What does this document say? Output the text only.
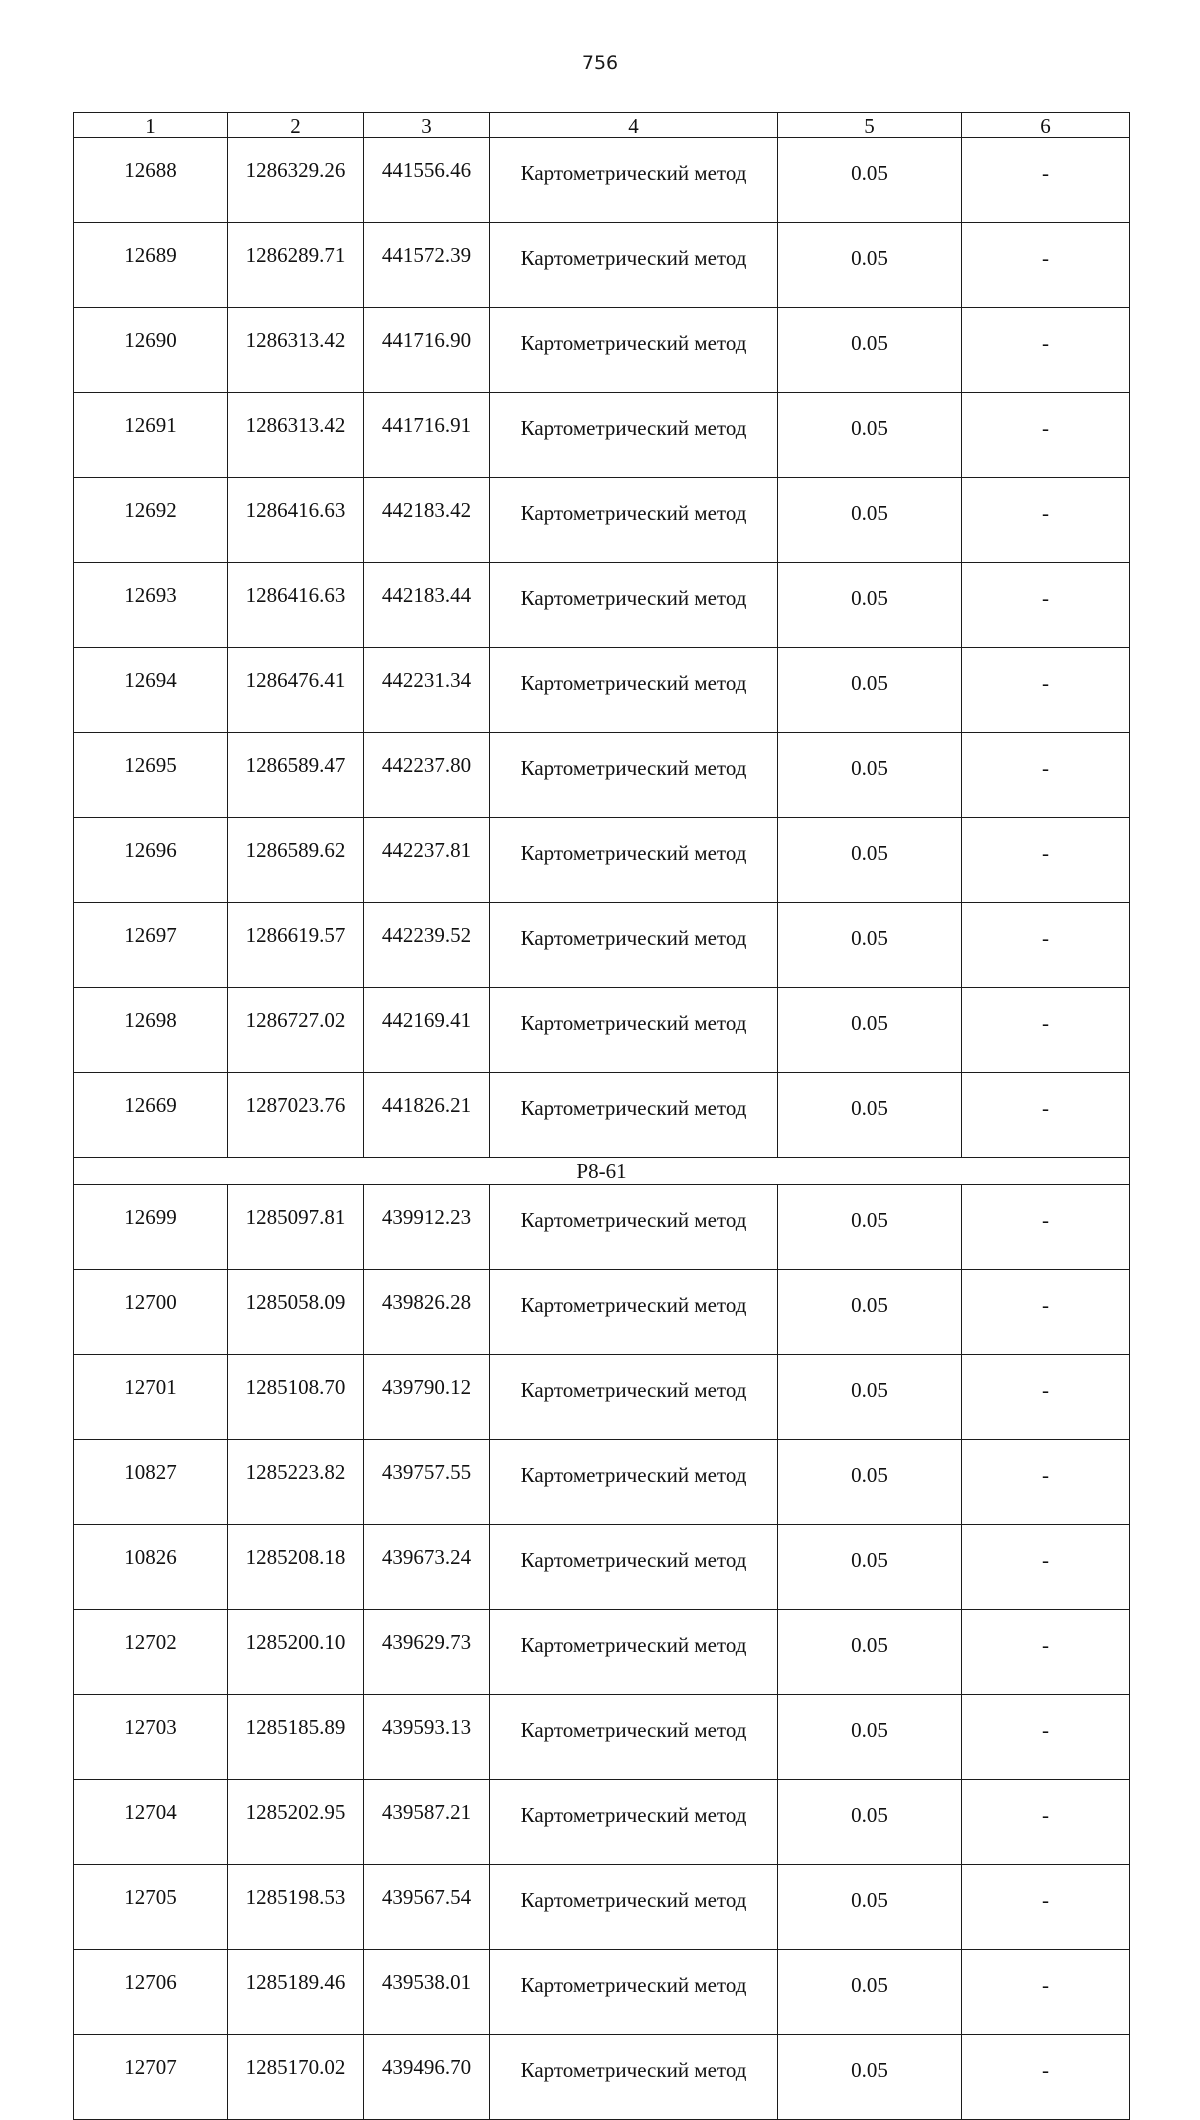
756
1	2	3	4	5	6
12688	1286329.26	441556.46	Картометрический метод	0.05	-
12689	1286289.71	441572.39	Картометрический метод	0.05	-
12690	1286313.42	441716.90	Картометрический метод	0.05	-
12691	1286313.42	441716.91	Картометрический метод	0.05	-
12692	1286416.63	442183.42	Картометрический метод	0.05	-
12693	1286416.63	442183.44	Картометрический метод	0.05	-
12694	1286476.41	442231.34	Картометрический метод	0.05	-
12695	1286589.47	442237.80	Картометрический метод	0.05	-
12696	1286589.62	442237.81	Картометрический метод	0.05	-
12697	1286619.57	442239.52	Картометрический метод	0.05	-
12698	1286727.02	442169.41	Картометрический метод	0.05	-
12669	1287023.76	441826.21	Картометрический метод	0.05	-
Р8-61					
12699	1285097.81	439912.23	Картометрический метод	0.05	-
12700	1285058.09	439826.28	Картометрический метод	0.05	-
12701	1285108.70	439790.12	Картометрический метод	0.05	-
10827	1285223.82	439757.55	Картометрический метод	0.05	-
10826	1285208.18	439673.24	Картометрический метод	0.05	-
12702	1285200.10	439629.73	Картометрический метод	0.05	-
12703	1285185.89	439593.13	Картометрический метод	0.05	-
12704	1285202.95	439587.21	Картометрический метод	0.05	-
12705	1285198.53	439567.54	Картометрический метод	0.05	-
12706	1285189.46	439538.01	Картометрический метод	0.05	-
12707	1285170.02	439496.70	Картометрический метод	0.05	-
